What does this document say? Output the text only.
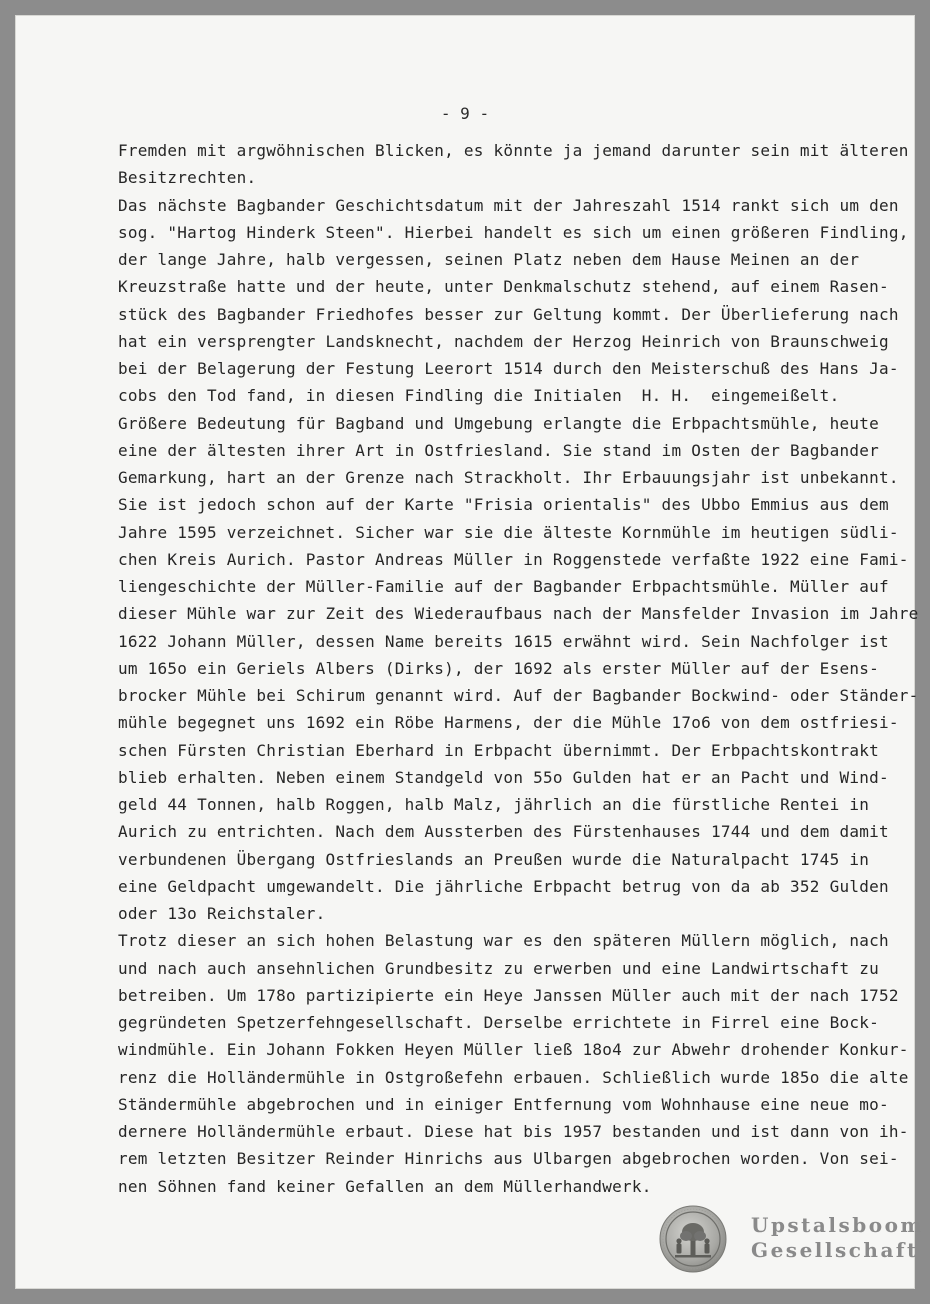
- 9 -
Fremden mit argwöhnischen Blicken, es könnte ja jemand darunter sein mit älteren
Besitzrechten.
Das nächste Bagbander Geschichtsdatum mit der Jahreszahl 1514 rankt sich um den
sog. "Hartog Hinderk Steen". Hierbei handelt es sich um einen größeren Findling,
der lange Jahre, halb vergessen, seinen Platz neben dem Hause Meinen an der
Kreuzstraße hatte und der heute, unter Denkmalschutz stehend, auf einem Rasen-
stück des Bagbander Friedhofes besser zur Geltung kommt. Der Überlieferung nach
hat ein versprengter Landsknecht, nachdem der Herzog Heinrich von Braunschweig
bei der Belagerung der Festung Leerort 1514 durch den Meisterschuß des Hans Ja-
cobs den Tod fand, in diesen Findling die Initialen  H. H.  eingemeißelt.
Größere Bedeutung für Bagband und Umgebung erlangte die Erbpachtsmühle, heute
eine der ältesten ihrer Art in Ostfriesland. Sie stand im Osten der Bagbander
Gemarkung, hart an der Grenze nach Strackholt. Ihr Erbauungsjahr ist unbekannt.
Sie ist jedoch schon auf der Karte "Frisia orientalis" des Ubbo Emmius aus dem
Jahre 1595 verzeichnet. Sicher war sie die älteste Kornmühle im heutigen südli-
chen Kreis Aurich. Pastor Andreas Müller in Roggenstede verfaßte 1922 eine Fami-
liengeschichte der Müller-Familie auf der Bagbander Erbpachtsmühle. Müller auf
dieser Mühle war zur Zeit des Wiederaufbaus nach der Mansfelder Invasion im Jahre
1622 Johann Müller, dessen Name bereits 1615 erwähnt wird. Sein Nachfolger ist
um 165o ein Geriels Albers (Dirks), der 1692 als erster Müller auf der Esens-
brocker Mühle bei Schirum genannt wird. Auf der Bagbander Bockwind- oder Ständer-
mühle begegnet uns 1692 ein Röbe Harmens, der die Mühle 17o6 von dem ostfriesi-
schen Fürsten Christian Eberhard in Erbpacht übernimmt. Der Erbpachtskontrakt
blieb erhalten. Neben einem Standgeld von 55o Gulden hat er an Pacht und Wind-
geld 44 Tonnen, halb Roggen, halb Malz, jährlich an die fürstliche Rentei in
Aurich zu entrichten. Nach dem Aussterben des Fürstenhauses 1744 und dem damit
verbundenen Übergang Ostfrieslands an Preußen wurde die Naturalpacht 1745 in
eine Geldpacht umgewandelt. Die jährliche Erbpacht betrug von da ab 352 Gulden
oder 13o Reichstaler.
Trotz dieser an sich hohen Belastung war es den späteren Müllern möglich, nach
und nach auch ansehnlichen Grundbesitz zu erwerben und eine Landwirtschaft zu
betreiben. Um 178o partizipierte ein Heye Janssen Müller auch mit der nach 1752
gegründeten Spetzerfehngesellschaft. Derselbe errichtete in Firrel eine Bock-
windmühle. Ein Johann Fokken Heyen Müller ließ 18o4 zur Abwehr drohender Konkur-
renz die Holländermühle in Ostgroßefehn erbauen. Schließlich wurde 185o die alte
Ständermühle abgebrochen und in einiger Entfernung vom Wohnhause eine neue mo-
dernere Holländermühle erbaut. Diese hat bis 1957 bestanden und ist dann von ih-
rem letzten Besitzer Reinder Hinrichs aus Ulbargen abgebrochen worden. Von sei-
nen Söhnen fand keiner Gefallen an dem Müllerhandwerk.
Upstalsboom
Gesellschaft
